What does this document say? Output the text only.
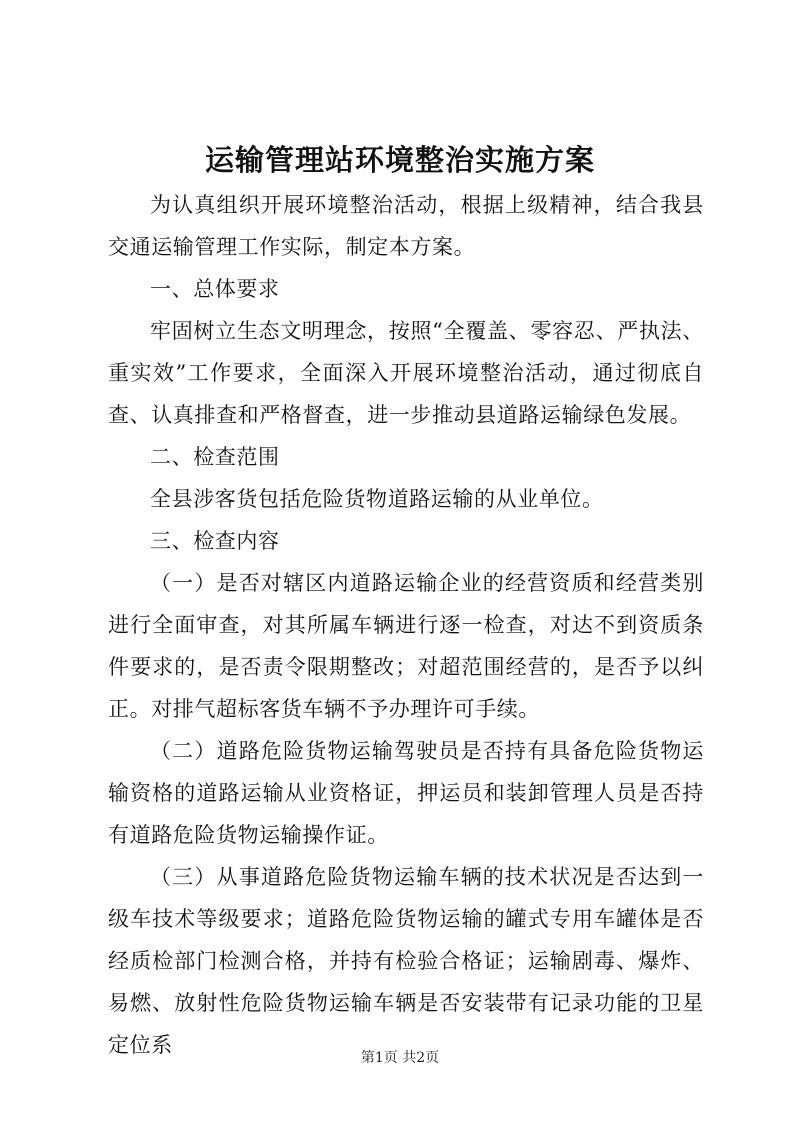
运输管理站环境整治实施方案

为认真组织开展环境整治活动，根据上级精神，结合我县交通运输管理工作实际，制定本方案。

一、总体要求

牢固树立生态文明理念，按照“全覆盖、零容忍、严执法、重实效”工作要求，全面深入开展环境整治活动，通过彻底自查、认真排查和严格督查，进一步推动县道路运输绿色发展。

二、检查范围

全县涉客货包括危险货物道路运输的从业单位。

三、检查内容

（一）是否对辖区内道路运输企业的经营资质和经营类别进行全面审查，对其所属车辆进行逐一检查，对达不到资质条件要求的，是否责令限期整改；对超范围经营的，是否予以纠正。对排气超标客货车辆不予办理许可手续。

（二）道路危险货物运输驾驶员是否持有具备危险货物运输资格的道路运输从业资格证，押运员和装卸管理人员是否持有道路危险货物运输操作证。

（三）从事道路危险货物运输车辆的技术状况是否达到一级车技术等级要求；道路危险货物运输的罐式专用车罐体是否经质检部门检测合格，并持有检验合格证；运输剧毒、爆炸、易燃、放射性危险货物运输车辆是否安装带有记录功能的卫星定位系

第1页 共2页
